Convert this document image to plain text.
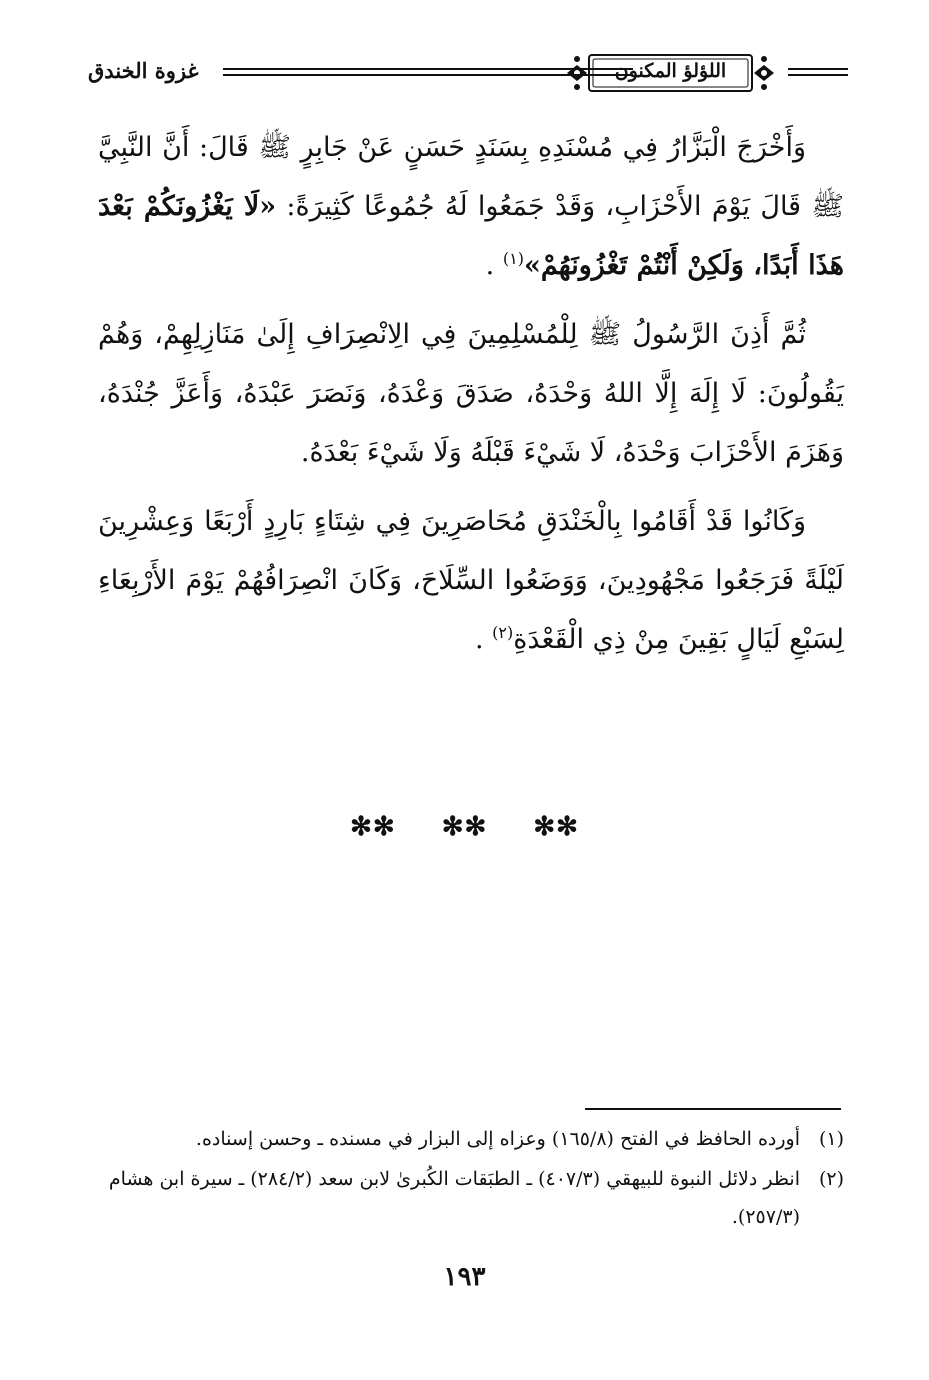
اللؤلؤ المكنون
غزوة الخندق

وَأَخْرَجَ الْبَزَّارُ فِي مُسْنَدِهِ بِسَنَدٍ حَسَنٍ عَنْ جَابِرٍ ﷺ قَالَ: أَنَّ النَّبِيَّ ﷺ قَالَ يَوْمَ الأَحْزَابِ، وَقَدْ جَمَعُوا لَهُ جُمُوعًا كَثِيرَةً: «لَا يَغْزُونَكُمْ بَعْدَ هَذَا أَبَدًا، وَلَكِنْ أَنْتُمْ تَغْزُونَهُمْ»$^{(١)}$ .

ثُمَّ أَذِنَ الرَّسُولُ ﷺ لِلْمُسْلِمِينَ فِي الِانْصِرَافِ إِلَىٰ مَنَازِلِهِمْ، وَهُمْ يَقُولُونَ: لَا إِلَهَ إِلَّا اللهُ وَحْدَهُ، صَدَقَ وَعْدَهُ، وَنَصَرَ عَبْدَهُ، وَأَعَزَّ جُنْدَهُ، وَهَزَمَ الأَحْزَابَ وَحْدَهُ، لَا شَيْءَ قَبْلَهُ وَلَا شَيْءَ بَعْدَهُ.

وَكَانُوا قَدْ أَقَامُوا بِالْخَنْدَقِ مُحَاصَرِينَ فِي شِتَاءٍ بَارِدٍ أَرْبَعًا وَعِشْرِينَ لَيْلَةً فَرَجَعُوا مَجْهُودِينَ، وَوَضَعُوا السِّلَاحَ، وَكَانَ انْصِرَافُهُمْ يَوْمَ الأَرْبِعَاءِ لِسَبْعِ لَيَالٍ بَقِينَ مِنْ ذِي الْقَعْدَةِ$^{(٢)}$ .

✻✻ ✻✻ ✻✻
(١)
أورده الحافظ في الفتح (١٦٥/٨) وعزاه إلى البزار في مسنده ـ وحسن إسناده.
(٢)
انظر دلائل النبوة للبيهقي (٤٠٧/٣) ـ الطبَقات الكُبرىٰ لابن سعد (٢٨٤/٢) ـ سيرة ابن هشام (٢٥٧/٣).
١٩٣
